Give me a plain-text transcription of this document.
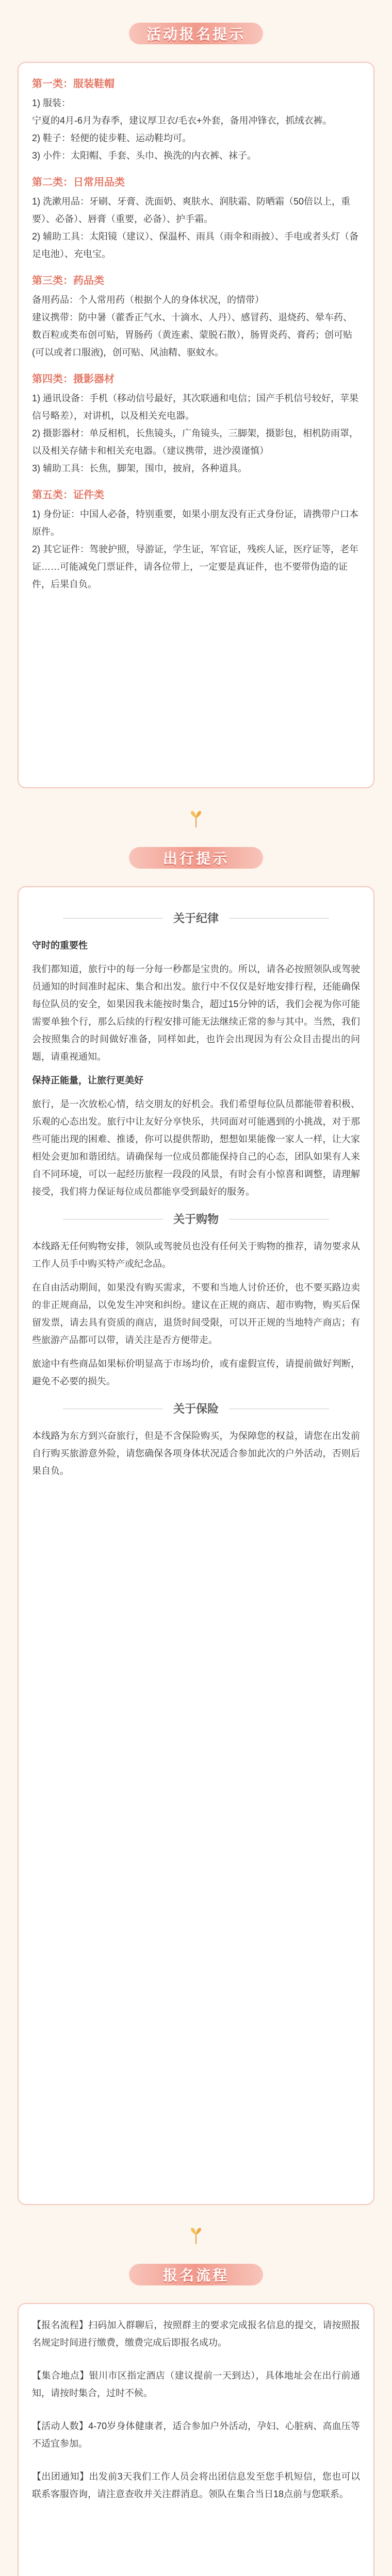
活动报名提示
第一类：服装鞋帽

1) 服装：

宁夏的4月-6月为春季，建议厚卫衣/毛衣+外套，备用冲锋衣，抓绒衣裤。

2) 鞋子：轻便的徒步鞋、运动鞋均可。

3) 小件：太阳帽、手套、头巾、换洗的内衣裤、袜子。

第二类：日常用品类

1) 洗漱用品：牙刷、牙膏、洗面奶、爽肤水、润肤霜、防晒霜（50倍以上，重要）、必备）、唇膏（重要，必备）、护手霜。

2) 辅助工具：太阳镜（建议）、保温杯、雨具（雨伞和雨披）、手电或者头灯（备足电池）、充电宝。

第三类：药品类

备用药品：个人常用药（根据个人的身体状况，的情带）

建议携带：防中暑（藿香正气水、十滴水、人丹）、感冒药、退烧药、晕车药、数百粒或类布创可贴，胃肠药（黄连素、蒙脱石散），肠胃炎药、膏药；创可贴(可以或者口服液)，创可贴、风油精、驱蚊水。

第四类：摄影器材

1) 通讯设备：手机（移动信号最好，其次联通和电信；国产手机信号较好，苹果信号略差），对讲机，以及相关充电器。

2) 摄影器材：单反相机，长焦镜头，广角镜头，三脚架，摄影包，相机防雨罩，以及相关存储卡和相关充电器。（建议携带，进沙漠谨慎）

3) 辅助工具：长焦，脚架，围巾，披肩，各种道具。

第五类：证件类

1) 身份证：中国人必备，特别重要，如果小朋友没有正式身份证，请携带户口本原件。

2) 其它证件：驾驶护照，导游证，学生证，军官证，残疾人证，医疗证等，老年证……可能减免门票证件，请各位带上，一定要是真证件，也不要带伪造的证件，后果自负。

出行提示
关于纪律

守时的重要性

我们都知道，旅行中的每一分每一秒都是宝贵的。所以，请各必按照领队或驾驶员通知的时间准时起床、集合和出发。旅行中不仅仅是好地安排行程，还能确保每位队员的安全，如果因我未能按时集合，超过15分钟的话，我们会视为你可能需要单独个行，那么后续的行程安排可能无法继续正常的参与其中。当然，我们会按照集合的时间做好准备，同样如此，也许会出现因为有公众目击提出的问题，请重视通知。

保持正能量，让旅行更美好

旅行，是一次放松心情，结交朋友的好机会。我们希望每位队员都能带着积极、乐观的心态出发。旅行中让友好分享快乐，共同面对可能遇到的小挑战，对于那些可能出现的困难、推诿，你可以提供帮助，想想如果能像一家人一样，让大家相处会更加和谐团结。请确保每一位成员都能保持自己的心态，团队如果有人来自不同环境，可以一起经历旅程一段段的风景，有时会有小惊喜和调整，请理解接受，我们将力保证每位成员都能享受到最好的服务。

关于购物

本线路无任何购物安排，领队或驾驶员也没有任何关于购物的推荐，请勿要求从工作人员手中购买特产或纪念品。

在自由活动期间，如果没有购买需求，不要和当地人讨价还价，也不要买路边卖的非正规商品，以免发生冲突和纠纷。建议在正规的商店、超市购物，购买后保留发票，请去具有资质的商店，退货时间受限，可以开正规的当地特产商店；有些旅游产品都可以带，请关注是否方便带走。

旅途中有些商品如果标价明显高于市场均价，或有虚假宣传，请提前做好判断，避免不必要的损失。

关于保险

本线路为东方到兴奋旅行，但是不含保险购买，为保障您的权益，请您在出发前自行购买旅游意外险，请您确保各项身体状况适合参加此次的户外活动，否则后果自负。

报名流程

【报名流程】扫码加入群聊后，按照群主的要求完成报名信息的提交，请按照报名规定时间进行缴费，缴费完成后即报名成功。

【集合地点】银川市区指定酒店（建议提前一天到达），具体地址会在出行前通知，请按时集合，过时不候。

【活动人数】4-70岁身体健康者，适合参加户外活动，孕妇、心脏病、高血压等不适宜参加。

【出团通知】出发前3天我们工作人员会将出团信息发至您手机短信，您也可以联系客服咨询，请注意查收并关注群消息。领队在集合当日18点前与您联系。
